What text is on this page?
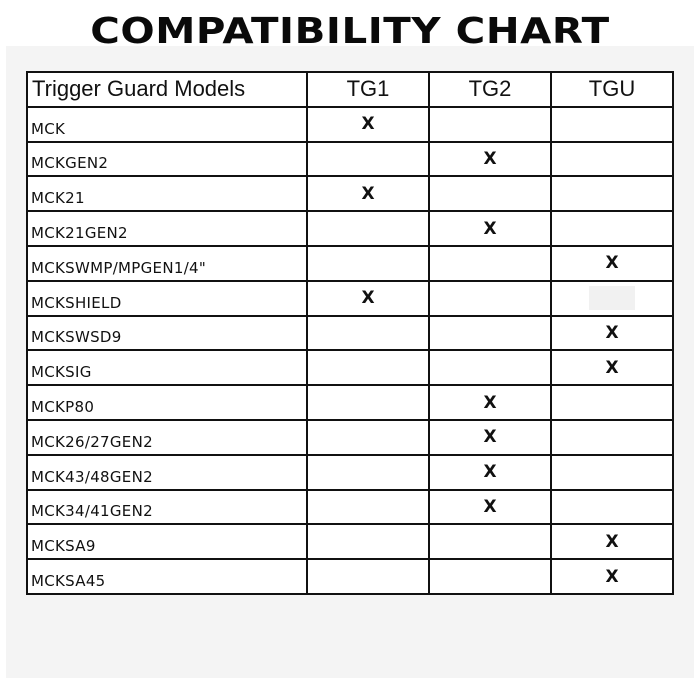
COMPATIBILITY CHART
Trigger Guard Models	TG1	TG2	TGU
MCK	X		
MCKGEN2		X	
MCK21	X		
MCK21GEN2		X	
MCKSWMP/MPGEN1/4"			X
MCKSHIELD	X		
MCKSWSD9			X
MCKSIG			X
MCKP80		X	
MCK26/27GEN2		X	
MCK43/48GEN2		X	
MCK34/41GEN2		X	
MCKSA9			X
MCKSA45			X
